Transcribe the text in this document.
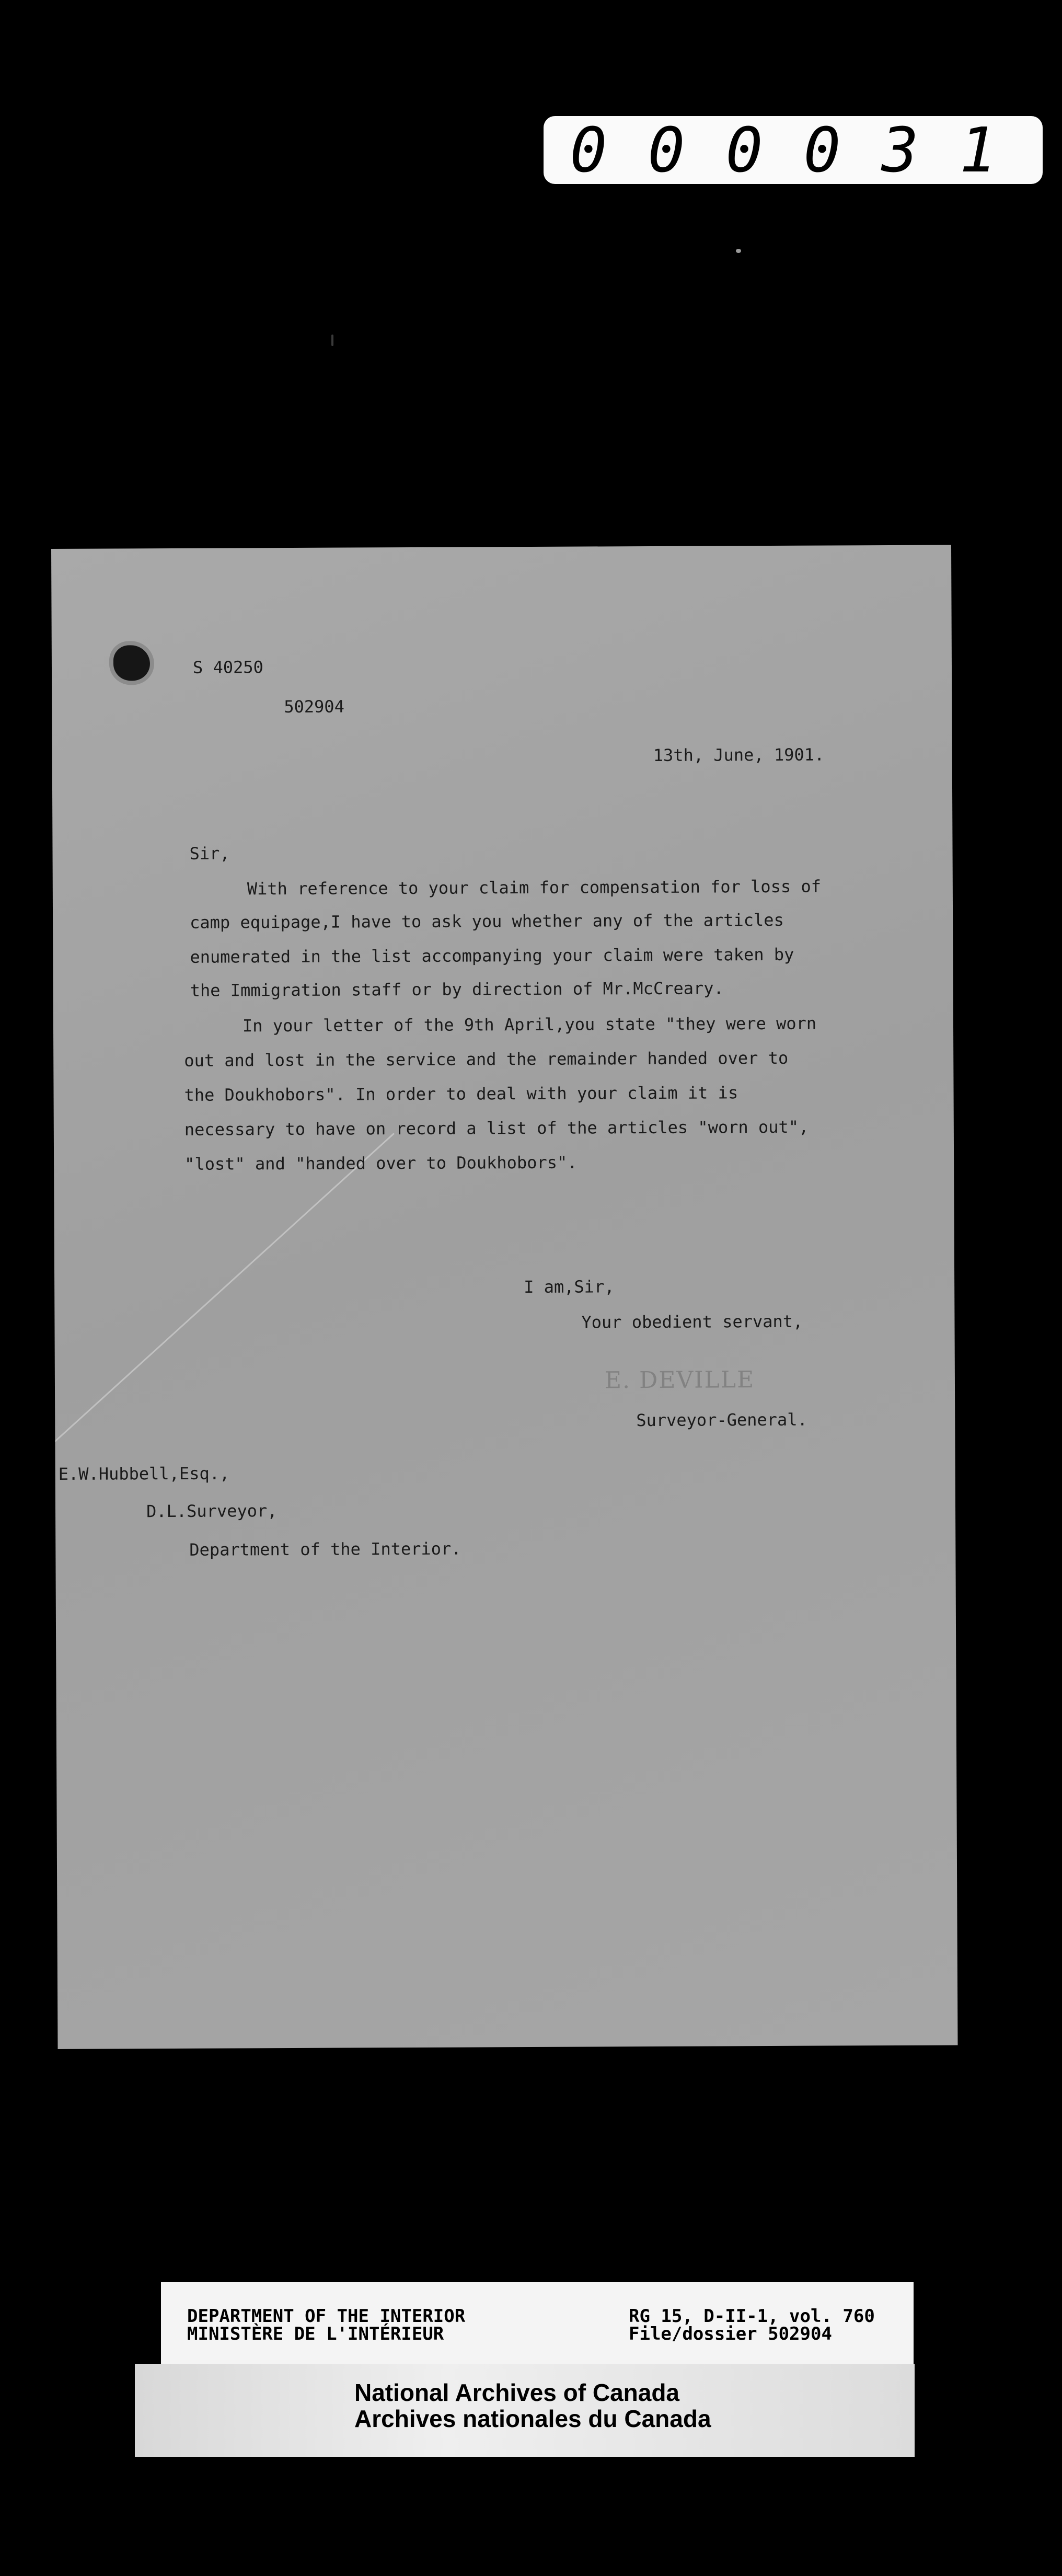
000031
S 40250
502904
13th, June, 1901.
Sir,
With reference to your claim for compensation for loss of
camp equipage,I have to ask you whether any of the articles
enumerated in the list accompanying your claim were taken by
the Immigration staff or by direction of Mr.McCreary.
In your letter of the 9th April,you state "they were worn
out and lost in the service and the remainder handed over to
the Doukhobors". In order to deal with your claim it is
necessary to have on record a list of the articles "worn out",
"lost" and "handed over to Doukhobors".
I am,Sir,
Your obedient servant,
E. DEVILLE
Surveyor-General.
E.W.Hubbell,Esq.,
D.L.Surveyor,
Department of the Interior.
DEPARTMENT OF THE INTERIOR
MINISTÈRE DE L'INTÉRIEUR
RG 15, D-II-1, vol. 760
File/dossier 502904
National Archives of Canada
Archives nationales du Canada
